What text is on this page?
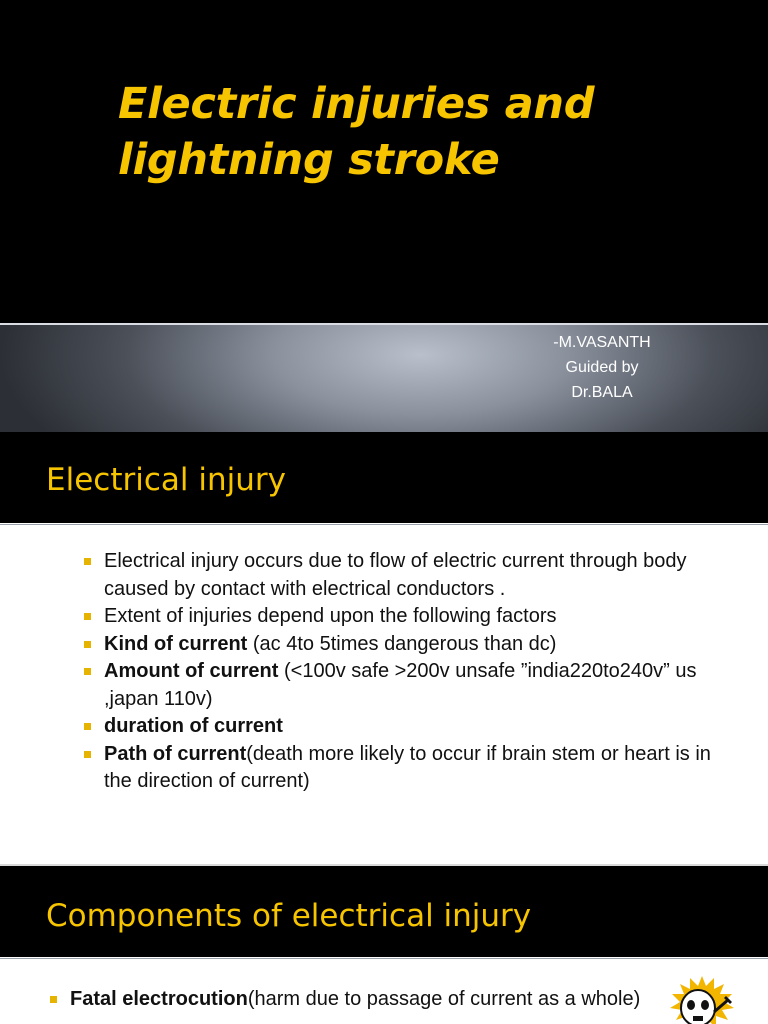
Electric injuries and
lightning stroke
-M.VASANTH
Guided by
Dr.BALA
Electrical injury
Electrical injury occurs due to flow of electric current through body caused by contact with electrical conductors .
Extent of injuries depend upon the following factors
Kind of current (ac 4to 5times dangerous than dc)
Amount of current (<100v safe >200v unsafe ”india220to240v” us ,japan 110v)
duration of current
Path of current(death more likely to occur if brain stem or heart is in the direction of current)
Components of electrical injury
Fatal electrocution(harm due to passage of current as a whole)
